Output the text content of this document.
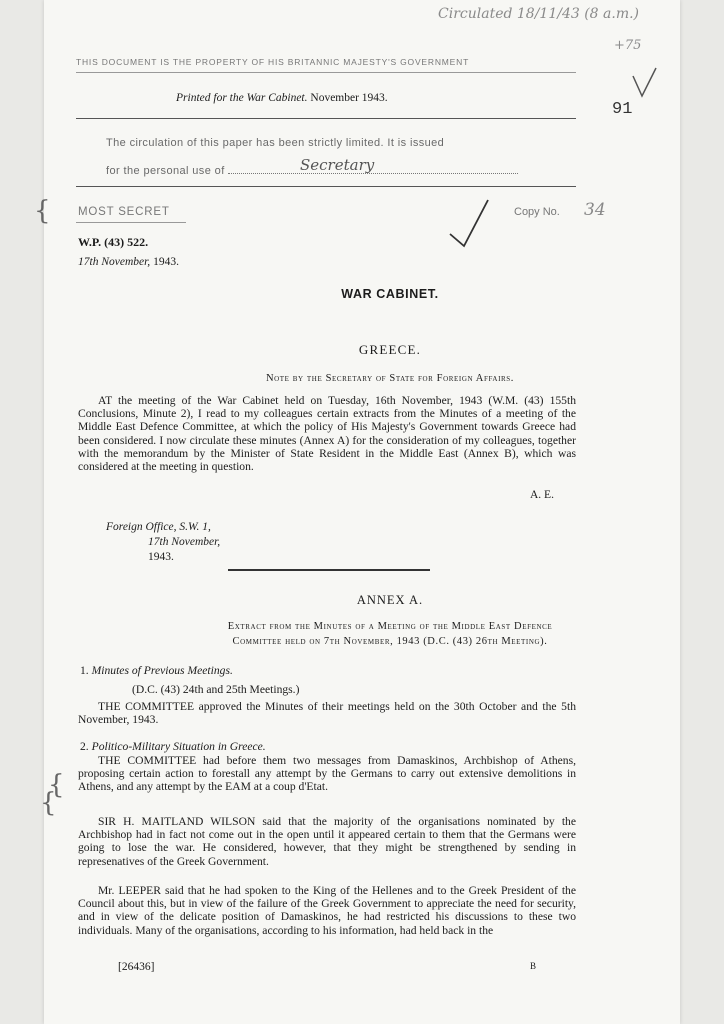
Circulated 18/11/43 (8 a.m.)
+75
91
THIS DOCUMENT IS THE PROPERTY OF HIS BRITANNIC MAJESTY'S GOVERNMENT
Printed for the War Cabinet. November 1943.
The circulation of this paper has been strictly limited. It is issued
for the personal use of	Secretary
{ MOST SECRET	Copy No. 34
W.P. (43) 522.
17th November, 1943.
WAR CABINET.
GREECE.
Note by the Secretary of State for Foreign Affairs.

AT the meeting of the War Cabinet held on Tuesday, 16th November, 1943 (W.M. (43) 155th Conclusions, Minute 2), I read to my colleagues certain extracts from the Minutes of a meeting of the Middle East Defence Committee, at which the policy of His Majesty's Government towards Greece had been considered. I now circulate these minutes (Annex A) for the consideration of my colleagues, together with the memorandum by the Minister of State Resident in the Middle East (Annex B), which was considered at the meeting in question.

A. E.
Foreign Office, S.W. 1,
17th November,
1943.
ANNEX A.
Extract from the Minutes of a Meeting of the Middle East Defence
Committee held on 7th November, 1943 (D.C. (43) 26th Meeting).
1. Minutes of Previous Meetings.
(D.C. (43) 24th and 25th Meetings.)

THE COMMITTEE approved the Minutes of their meetings held on the 30th October and the 5th November, 1943.

2. Politico-Military Situation in Greece.

THE COMMITTEE had before them two messages from Damaskinos, Archbishop of Athens, proposing certain action to forestall any attempt by the Germans to carry out extensive demolitions in Athens, and any attempt by the EAM at a coup d'Etat.

{
{

SIR H. MAITLAND WILSON said that the majority of the organisations nominated by the Archbishop had in fact not come out in the open until it appeared certain to them that the Germans were going to lose the war. He considered, however, that they might be strengthened by sending in represenatives of the Greek Government.

Mr. LEEPER said that he had spoken to the King of the Hellenes and to the Greek President of the Council about this, but in view of the failure of the Greek Government to appreciate the need for security, and in view of the delicate position of Damaskinos, he had restricted his discussions to these two individuals. Many of the organisations, according to his information, had held back in the

[26436]	B
